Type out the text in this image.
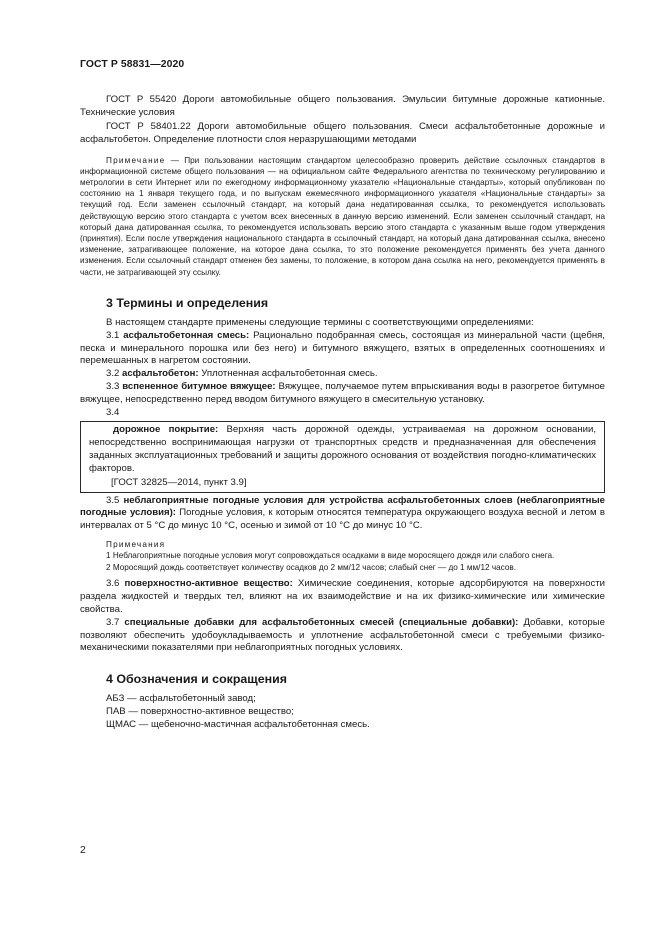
ГОСТ Р 58831—2020

ГОСТ Р 55420 Дороги автомобильные общего пользования. Эмульсии битумные дорожные катионные. Технические условия

ГОСТ Р 58401.22 Дороги автомобильные общего пользования. Смеси асфальтобетонные дорожные и асфальтобетон. Определение плотности слоя неразрушающими методами

Примечание — При пользовании настоящим стандартом целесообразно проверить действие ссылочных стандартов в информационной системе общего пользования — на официальном сайте Федерального агентства по техническому регулированию и метрологии в сети Интернет или по ежегодному информационному указателю «Национальные стандарты», который опубликован по состоянию на 1 января текущего года, и по выпускам ежемесячного информационного указателя «Национальные стандарты» за текущий год. Если заменен ссылочный стандарт, на который дана недатированная ссылка, то рекомендуется использовать действующую версию этого стандарта с учетом всех внесенных в данную версию изменений. Если заменен ссылочный стандарт, на который дана датированная ссылка, то рекомендуется использовать версию этого стандарта с указанным выше годом утверждения (принятия). Если после утверждения национального стандарта в ссылочный стандарт, на который дана датированная ссылка, внесено изменение, затрагивающее положение, на которое дана ссылка, то это положение рекомендуется применять без учета данного изменения. Если ссылочный стандарт отменен без замены, то положение, в котором дана ссылка на него, рекомендуется применять в части, не затрагивающей эту ссылку.

3 Термины и определения

В настоящем стандарте применены следующие термины с соответствующими определениями:

3.1 асфальтобетонная смесь: Рационально подобранная смесь, состоящая из минеральной части (щебня, песка и минерального порошка или без него) и битумного вяжущего, взятых в определенных соотношениях и перемешанных в нагретом состоянии.

3.2 асфальтобетон: Уплотненная асфальтобетонная смесь.

3.3 вспененное битумное вяжущее: Вяжущее, получаемое путем впрыскивания воды в разогретое битумное вяжущее, непосредственно перед вводом битумного вяжущего в смесительную установку.

3.4

дорожное покрытие: Верхняя часть дорожной одежды, устраиваемая на дорожном основании, непосредственно воспринимающая нагрузки от транспортных средств и предназначенная для обеспечения заданных эксплуатационных требований и защиты дорожного основания от воздействия погодно-климатических факторов.

[ГОСТ 32825—2014, пункт 3.9]

3.5 неблагоприятные погодные условия для устройства асфальтобетонных слоев (неблагоприятные погодные условия): Погодные условия, к которым относятся температура окружающего воздуха весной и летом в интервалах от 5 °С до минус 10 °С, осенью и зимой от 10 °С до минус 10 °С.

Примечания

1 Неблагоприятные погодные условия могут сопровождаться осадками в виде моросящего дождя или слабого снега.

2 Моросящий дождь соответствует количеству осадков до 2 мм/12 часов; слабый снег — до 1 мм/12 часов.

3.6 поверхностно-активное вещество: Химические соединения, которые адсорбируются на поверхности раздела жидкостей и твердых тел, влияют на их взаимодействие и на их физико-химические или химические свойства.

3.7 специальные добавки для асфальтобетонных смесей (специальные добавки): Добавки, которые позволяют обеспечить удобоукладываемость и уплотнение асфальтобетонной смеси с требуемыми физико-механическими показателями при неблагоприятных погодных условиях.

4 Обозначения и сокращения

АБЗ — асфальтобетонный завод;

ПАВ — поверхностно-активное вещество;

ЩМАС — щебеночно-мастичная асфальтобетонная смесь.

2
